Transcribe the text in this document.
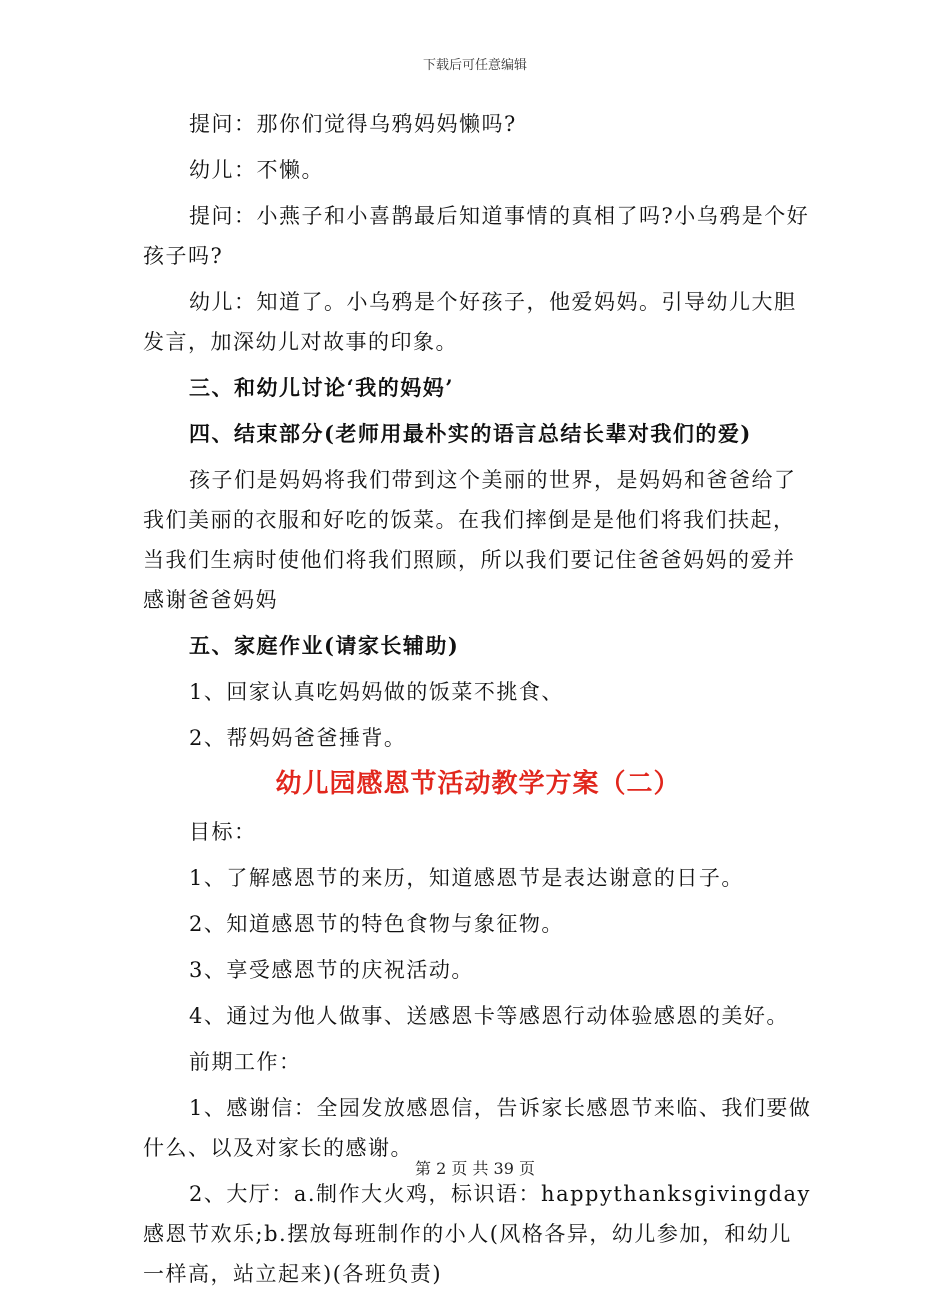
下载后可任意编辑

提问：那你们觉得乌鸦妈妈懒吗?

幼儿：不懒。

提问：小燕子和小喜鹊最后知道事情的真相了吗?小乌鸦是个好孩子吗?

幼儿：知道了。小乌鸦是个好孩子，他爱妈妈。引导幼儿大胆发言，加深幼儿对故事的印象。

三、和幼儿讨论‘我的妈妈’

四、结束部分(老师用最朴实的语言总结长辈对我们的爱)

孩子们是妈妈将我们带到这个美丽的世界，是妈妈和爸爸给了我们美丽的衣服和好吃的饭菜。在我们摔倒是是他们将我们扶起，当我们生病时使他们将我们照顾，所以我们要记住爸爸妈妈的爱并感谢爸爸妈妈

五、家庭作业(请家长辅助)

1、回家认真吃妈妈做的饭菜不挑食、

2、帮妈妈爸爸捶背。

幼儿园感恩节活动教学方案（二）

目标：

1、了解感恩节的来历，知道感恩节是表达谢意的日子。

2、知道感恩节的特色食物与象征物。

3、享受感恩节的庆祝活动。

4、通过为他人做事、送感恩卡等感恩行动体验感恩的美好。

前期工作：

1、感谢信：全园发放感恩信，告诉家长感恩节来临、我们要做什么、以及对家长的感谢。

2、大厅：a.制作大火鸡，标识语：happythanksgivingday感恩节欢乐;b.摆放每班制作的小人(风格各异，幼儿参加，和幼儿一样高，站立起来)(各班负责)

第 2 页 共 39 页
